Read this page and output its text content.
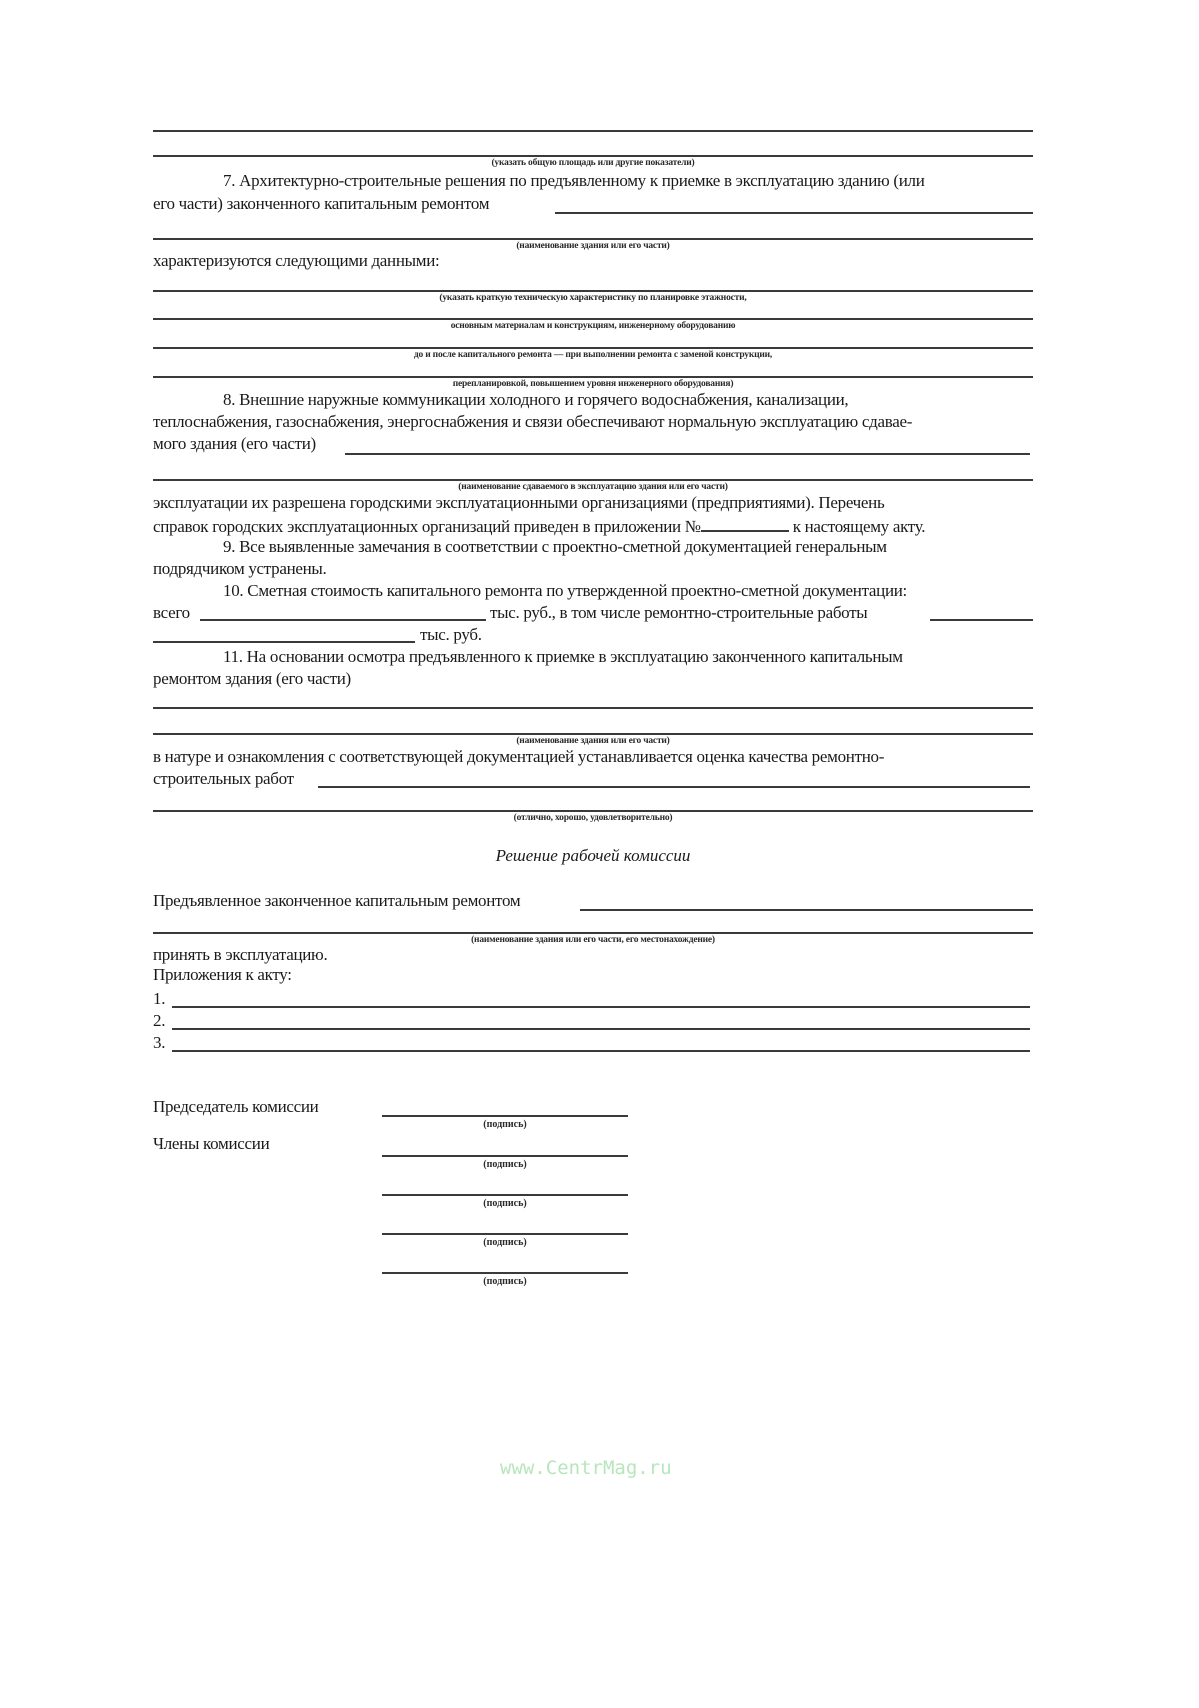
(указать общую площадь или другие показатели)
7. Архитектурно-строительные решения по предъявленному к приемке в эксплуатацию зданию (или
его части) законченного капитальным ремонтом
(наименование здания или его части)
характеризуются следующими данными:
(указать краткую техническую характеристику по планировке этажности,
основным материалам и конструкциям, инженерному оборудованию
до и после капитального ремонта — при выполнении ремонта с заменой конструкции,
перепланировкой, повышением уровня инженерного оборудования)
8. Внешние наружные коммуникации холодного и горячего водоснабжения, канализации,
теплоснабжения, газоснабжения, энергоснабжения и связи обеспечивают нормальную эксплуатацию сдавае-
мого здания (его части)
(наименование сдаваемого в эксплуатацию здания или его части)
эксплуатации их разрешена городскими эксплуатационными организациями (предприятиями). Перечень
справок городских эксплуатационных организаций приведен в приложении №	к настоящему акту.
9. Все выявленные замечания в соответствии с проектно-сметной документацией генеральным
подрядчиком устранены.
10. Сметная стоимость капитального ремонта по утвержденной проектно-сметной документации:
всего	тыс. руб., в том числе ремонтно-строительные работы
тыс. руб.
11. На основании осмотра предъявленного к приемке в эксплуатацию законченного капитальным
ремонтом здания (его части)
(наименование здания или его части)
в натуре и ознакомления с соответствующей документацией устанавливается оценка качества ремонтно-
строительных работ
(отлично, хорошо, удовлетворительно)
Решение рабочей комиссии
Предъявленное законченное капитальным ремонтом
(наименование здания или его части, его местонахождение)
принять в эксплуатацию.
Приложения к акту:
1.
2.
3.
Председатель комиссии
(подпись)
Члены комиссии
(подпись)
(подпись)
(подпись)
(подпись)
www.CentrMag.ru
